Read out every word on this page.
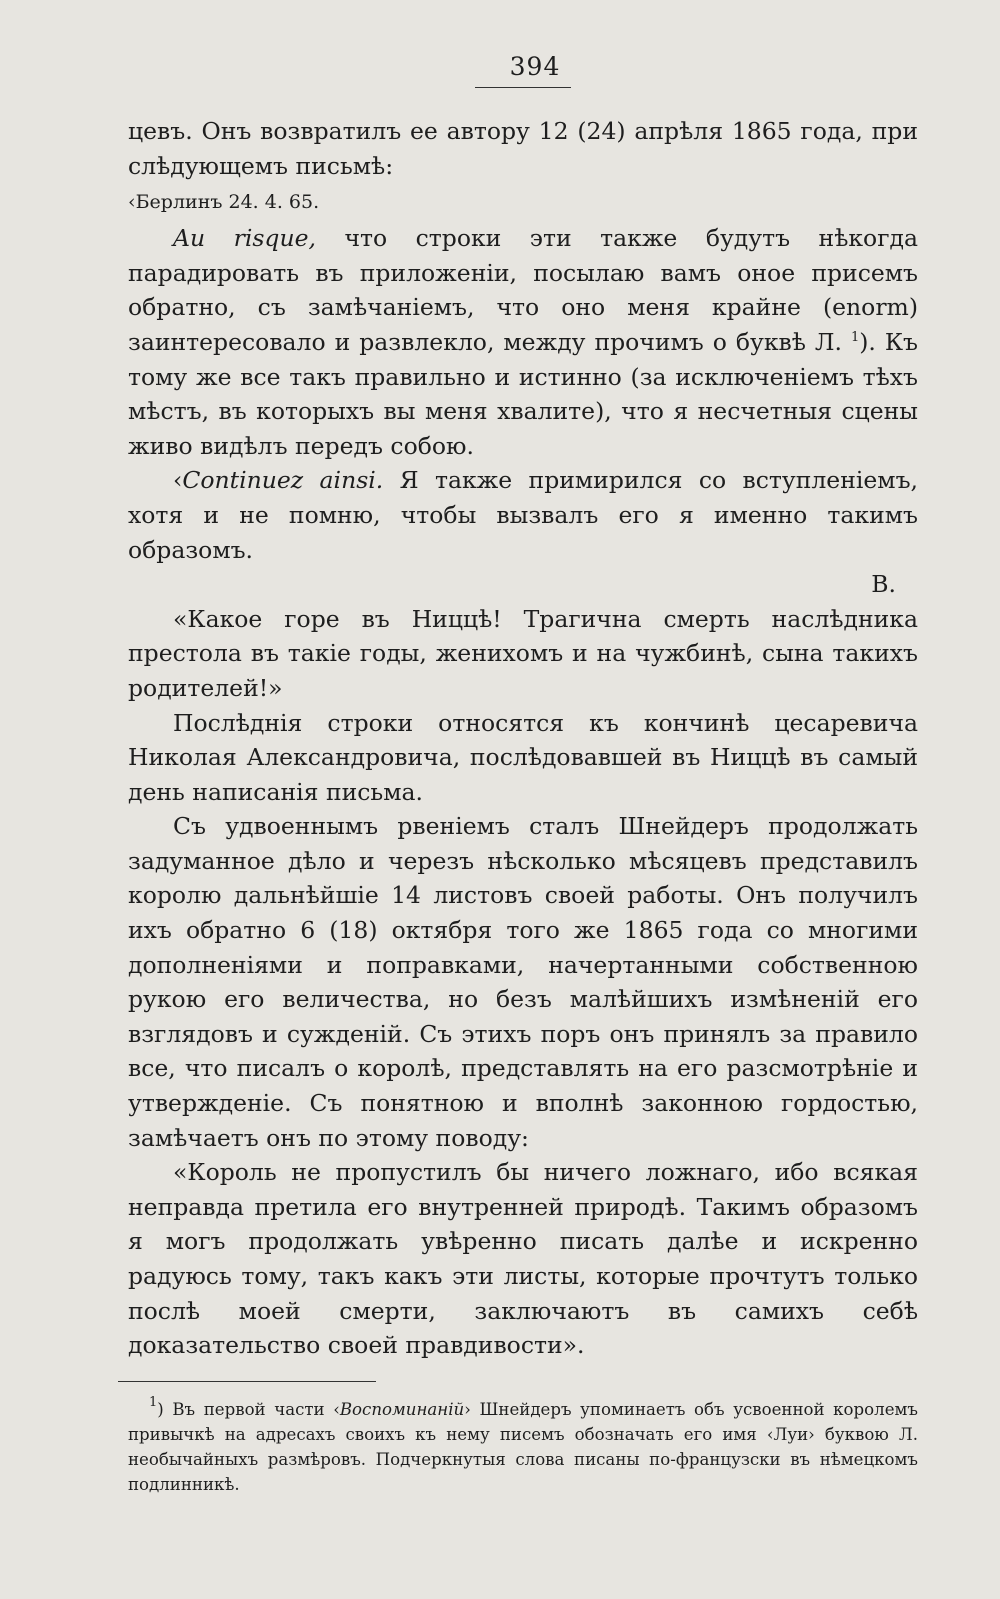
394

цевъ. Онъ возвратилъ ее автору 12 (24) апрѣля 1865 года, при слѣдующемъ письмѣ:

‹Берлинъ 24. 4. 65.

Au risque, что строки эти также будутъ нѣкогда парадировать въ приложеніи, посылаю вамъ оное присемъ обратно, съ замѣчаніемъ, что оно меня крайне (enorm) заинтересовало и развлекло, между прочимъ о буквѣ Л. $^1$). Къ тому же все такъ правильно и истинно (за исключеніемъ тѣхъ мѣстъ, въ которыхъ вы меня хвалите), что я несчетныя сцены живо видѣлъ передъ собою.

‹Continuez ainsi. Я также примирился со вступленіемъ, хотя и не помню, чтобы вызвалъ его я именно такимъ образомъ.

В.

«Какое горе въ Ниццѣ! Трагична смерть наслѣдника престола въ такіе годы, женихомъ и на чужбинѣ, сына такихъ родителей!»

Послѣднія строки относятся къ кончинѣ цесаревича Николая Александровича, послѣдовавшей въ Ниццѣ въ самый день написанія письма.

Съ удвоеннымъ рвеніемъ сталъ Шнейдеръ продолжать задуманное дѣло и черезъ нѣсколько мѣсяцевъ представилъ королю дальнѣйшіе 14 листовъ своей работы. Онъ получилъ ихъ обратно 6 (18) октября того же 1865 года со многими дополненіями и поправками, начертанными собственною рукою его величества, но безъ малѣйшихъ измѣненій его взглядовъ и сужденій. Съ этихъ поръ онъ принялъ за правило все, что писалъ о королѣ, представлять на его разсмотрѣніе и утвержденіе. Съ понятною и вполнѣ законною гордостью, замѣчаетъ онъ по этому поводу:

«Король не пропустилъ бы ничего ложнаго, ибо всякая неправда претила его внутренней природѣ. Такимъ образомъ я могъ продолжать увѣренно писать далѣе и искренно радуюсь тому, такъ какъ эти листы, которые прочтутъ только послѣ моей смерти, заключаютъ въ самихъ себѣ доказательство своей правдивости».

$^1$) Въ первой части ‹Воспоминаній› Шнейдеръ упоминаетъ объ усвоенной королемъ привычкѣ на адресахъ своихъ къ нему писемъ обозначать его имя ‹Луи› буквою Л. необычайныхъ размѣровъ. Подчеркнутыя слова писаны по-французски въ нѣмецкомъ подлинникѣ.
